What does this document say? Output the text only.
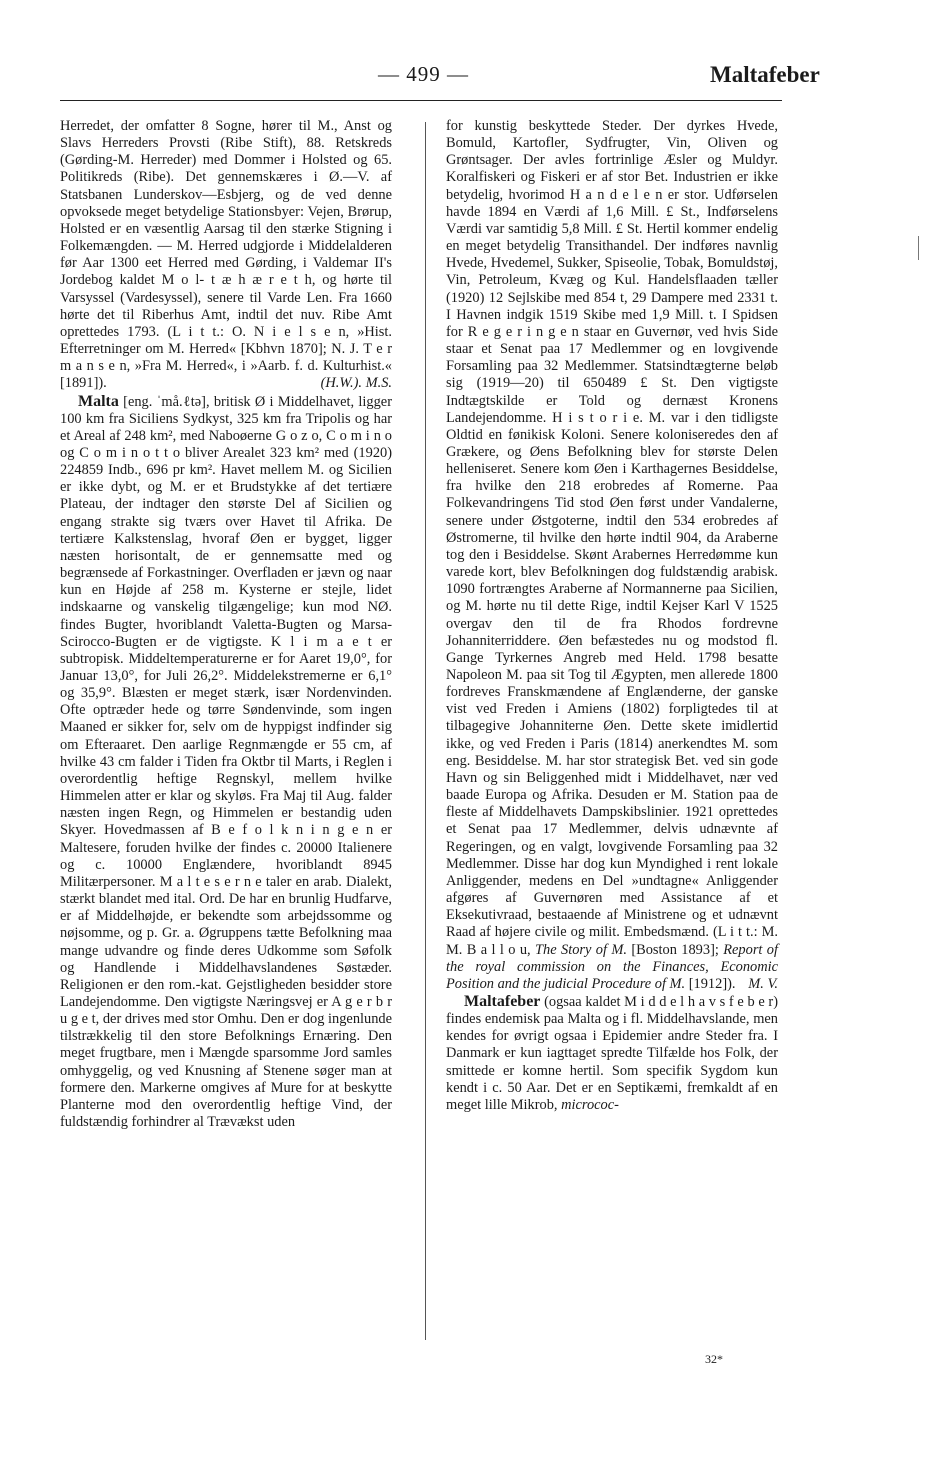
— 499 —	Maltafeber

Herredet, der omfatter 8 Sogne, hører til M., Anst og Slavs Herreders Provsti (Ribe Stift), 88. Retskreds (Gørding-M. Herreder) med Dommer i Holsted og 65. Politikreds (Ribe). Det gennemskæres i Ø.—V. af Statsbanen Lunderskov—Esbjerg, og de ved denne opvoksede meget betydelige Stationsbyer: Vejen, Brørup, Holsted er en væsentlig Aarsag til den stærke Stigning i Folkemængden. — M. Herred udgjorde i Middelalderen før Aar 1300 eet Herred med Gørding, i Valdemar II's Jordebog kaldet M o l- t æ h æ r e t h, og hørte til Varsyssel (Vardesyssel), senere til Varde Len. Fra 1660 hørte det til Riberhus Amt, indtil det nuv. Ribe Amt oprettedes 1793. (L i t t.: O. N i e l s e n, »Hist. Efterretninger om M. Herred« [Kbhvn 1870]; N. J. T e r m a n s e n, »Fra M. Herred«, i »Aarb. f. d. Kulturhist.« [1891]).	(H.W.). M.S.

Malta [eng. ˈmå.ℓtə], britisk Ø i Middelhavet, ligger 100 km fra Siciliens Sydkyst, 325 km fra Tripolis og har et Areal af 248 km², med Naboøerne G o z o, C o m i n o og C o m i n o t t o bliver Arealet 323 km² med (1920) 224859 Indb., 696 pr km². Havet mellem M. og Sicilien er ikke dybt, og M. er et Brudstykke af det tertiære Plateau, der indtager den største Del af Sicilien og engang strakte sig tværs over Havet til Afrika. De tertiære Kalkstenslag, hvoraf Øen er bygget, ligger næsten horisontalt, de er gennemsatte med og begrænsede af Forkastninger. Overfladen er jævn og naar kun en Højde af 258 m. Kysterne er stejle, lidet indskaarne og vanskelig tilgængelige; kun mod NØ. findes Bugter, hvoriblandt Valetta-Bugten og Marsa-Scirocco-Bugten er de vigtigste. K l i m a e t er subtropisk. Middeltemperaturerne er for Aaret 19,0°, for Januar 13,0°, for Juli 26,2°. Middelekstremerne er 6,1° og 35,9°. Blæsten er meget stærk, især Nordenvinden. Ofte optræder hede og tørre Søndenvinde, som ingen Maaned er sikker for, selv om de hyppigst indfinder sig om Efteraaret. Den aarlige Regnmængde er 55 cm, af hvilke 43 cm falder i Tiden fra Oktbr til Marts, i Reglen i overordentlig heftige Regnskyl, mellem hvilke Himmelen atter er klar og skyløs. Fra Maj til Aug. falder næsten ingen Regn, og Himmelen er bestandig uden Skyer. Hovedmassen af B e f o l k n i n g e n er Maltesere, foruden hvilke der findes c. 20000 Italienere og c. 10000 Englændere, hvoriblandt 8945 Militærpersoner. M a l t e s e r n e taler en arab. Dialekt, stærkt blandet med ital. Ord. De har en brunlig Hudfarve, er af Middelhøjde, er bekendte som arbejdssomme og nøjsomme, og p. Gr. a. Øgruppens tætte Befolkning maa mange udvandre og finde deres Udkomme som Søfolk og Handlende i Middelhavslandenes Søstæder. Religionen er den rom.-kat. Gejstligheden besidder store Landejendomme. Den vigtigste Næringsvej er A g e r b r u g e t, der drives med stor Omhu. Den er dog ingenlunde tilstrækkelig til den store Befolknings Ernæring. Den meget frugtbare, men i Mængde sparsomme Jord samles omhyggelig, og ved Knusning af Stenene søger man at formere den. Markerne omgives af Mure for at beskytte Planterne mod den overordentlig heftige Vind, der fuldstændig forhindrer al Trævækst uden

for kunstig beskyttede Steder. Der dyrkes Hvede, Bomuld, Kartofler, Sydfrugter, Vin, Oliven og Grøntsager. Der avles fortrinlige Æsler og Muldyr. Koralfiskeri og Fiskeri er af stor Bet. Industrien er ikke betydelig, hvorimod H a n d e l e n er stor. Udførselen havde 1894 en Værdi af 1,6 Mill. £ St., Indførselens Værdi var samtidig 5,8 Mill. £ St. Hertil kommer endelig en meget betydelig Transithandel. Der indføres navnlig Hvede, Hvedemel, Sukker, Spiseolie, Tobak, Bomuldstøj, Vin, Petroleum, Kvæg og Kul. Handelsflaaden tæller (1920) 12 Sejlskibe med 854 t, 29 Dampere med 2331 t. I Havnen indgik 1519 Skibe med 1,9 Mill. t. I Spidsen for R e g e r i n g e n staar en Guvernør, ved hvis Side staar et Senat paa 17 Medlemmer og en lovgivende Forsamling paa 32 Medlemmer. Statsindtægterne beløb sig (1919—20) til 650489 £ St. Den vigtigste Indtægtskilde er Told og dernæst Kronens Landejendomme. H i s t o r i e. M. var i den tidligste Oldtid en fønikisk Koloni. Senere koloniseredes den af Grækere, og Øens Befolkning blev for største Delen helleniseret. Senere kom Øen i Karthagernes Besiddelse, fra hvilke den 218 erobredes af Romerne. Paa Folkevandringens Tid stod Øen først under Vandalerne, senere under Østgoterne, indtil den 534 erobredes af Østromerne, til hvilke den hørte indtil 904, da Araberne tog den i Besiddelse. Skønt Arabernes Herredømme kun varede kort, blev Befolkningen dog fuldstændig arabisk. 1090 fortrængtes Araberne af Normannerne paa Sicilien, og M. hørte nu til dette Rige, indtil Kejser Karl V 1525 overgav den til de fra Rhodos fordrevne Johanniterriddere. Øen befæstedes nu og modstod fl. Gange Tyrkernes Angreb med Held. 1798 besatte Napoleon M. paa sit Tog til Ægypten, men allerede 1800 fordreves Franskmændene af Englænderne, der ganske vist ved Freden i Amiens (1802) forpligtedes til at tilbagegive Johanniterne Øen. Dette skete imidlertid ikke, og ved Freden i Paris (1814) anerkendtes M. som eng. Besiddelse. M. har stor strategisk Bet. ved sin gode Havn og sin Beliggenhed midt i Middelhavet, nær ved baade Europa og Afrika. Desuden er M. Station paa de fleste af Middelhavets Dampskibslinier. 1921 oprettedes et Senat paa 17 Medlemmer, delvis udnævnte af Regeringen, og en valgt, lovgivende Forsamling paa 32 Medlemmer. Disse har dog kun Myndighed i rent lokale Anliggender, medens en Del »undtagne« Anliggender afgøres af Guvernøren med Assistance af et Eksekutivraad, bestaaende af Ministrene og et udnævnt Raad af højere civile og milit. Embedsmænd. (L i t t.: M. M. B a l l o u, The Story of M. [Boston 1893]; Report of the royal commission on the Finances, Economic Position and the judicial Procedure of M. [1912]). M. V.

Maltafeber (ogsaa kaldet M i d d e l h a v s f e b e r) findes endemisk paa Malta og i fl. Middelhavslande, men kendes for øvrigt ogsaa i Epidemier andre Steder fra. I Danmark er kun iagttaget spredte Tilfælde hos Folk, der smittede er komne hertil. Som specifik Sygdom kun kendt i c. 50 Aar. Det er en Septikæmi, fremkaldt af en meget lille Mikrob, micrococ-

32*
